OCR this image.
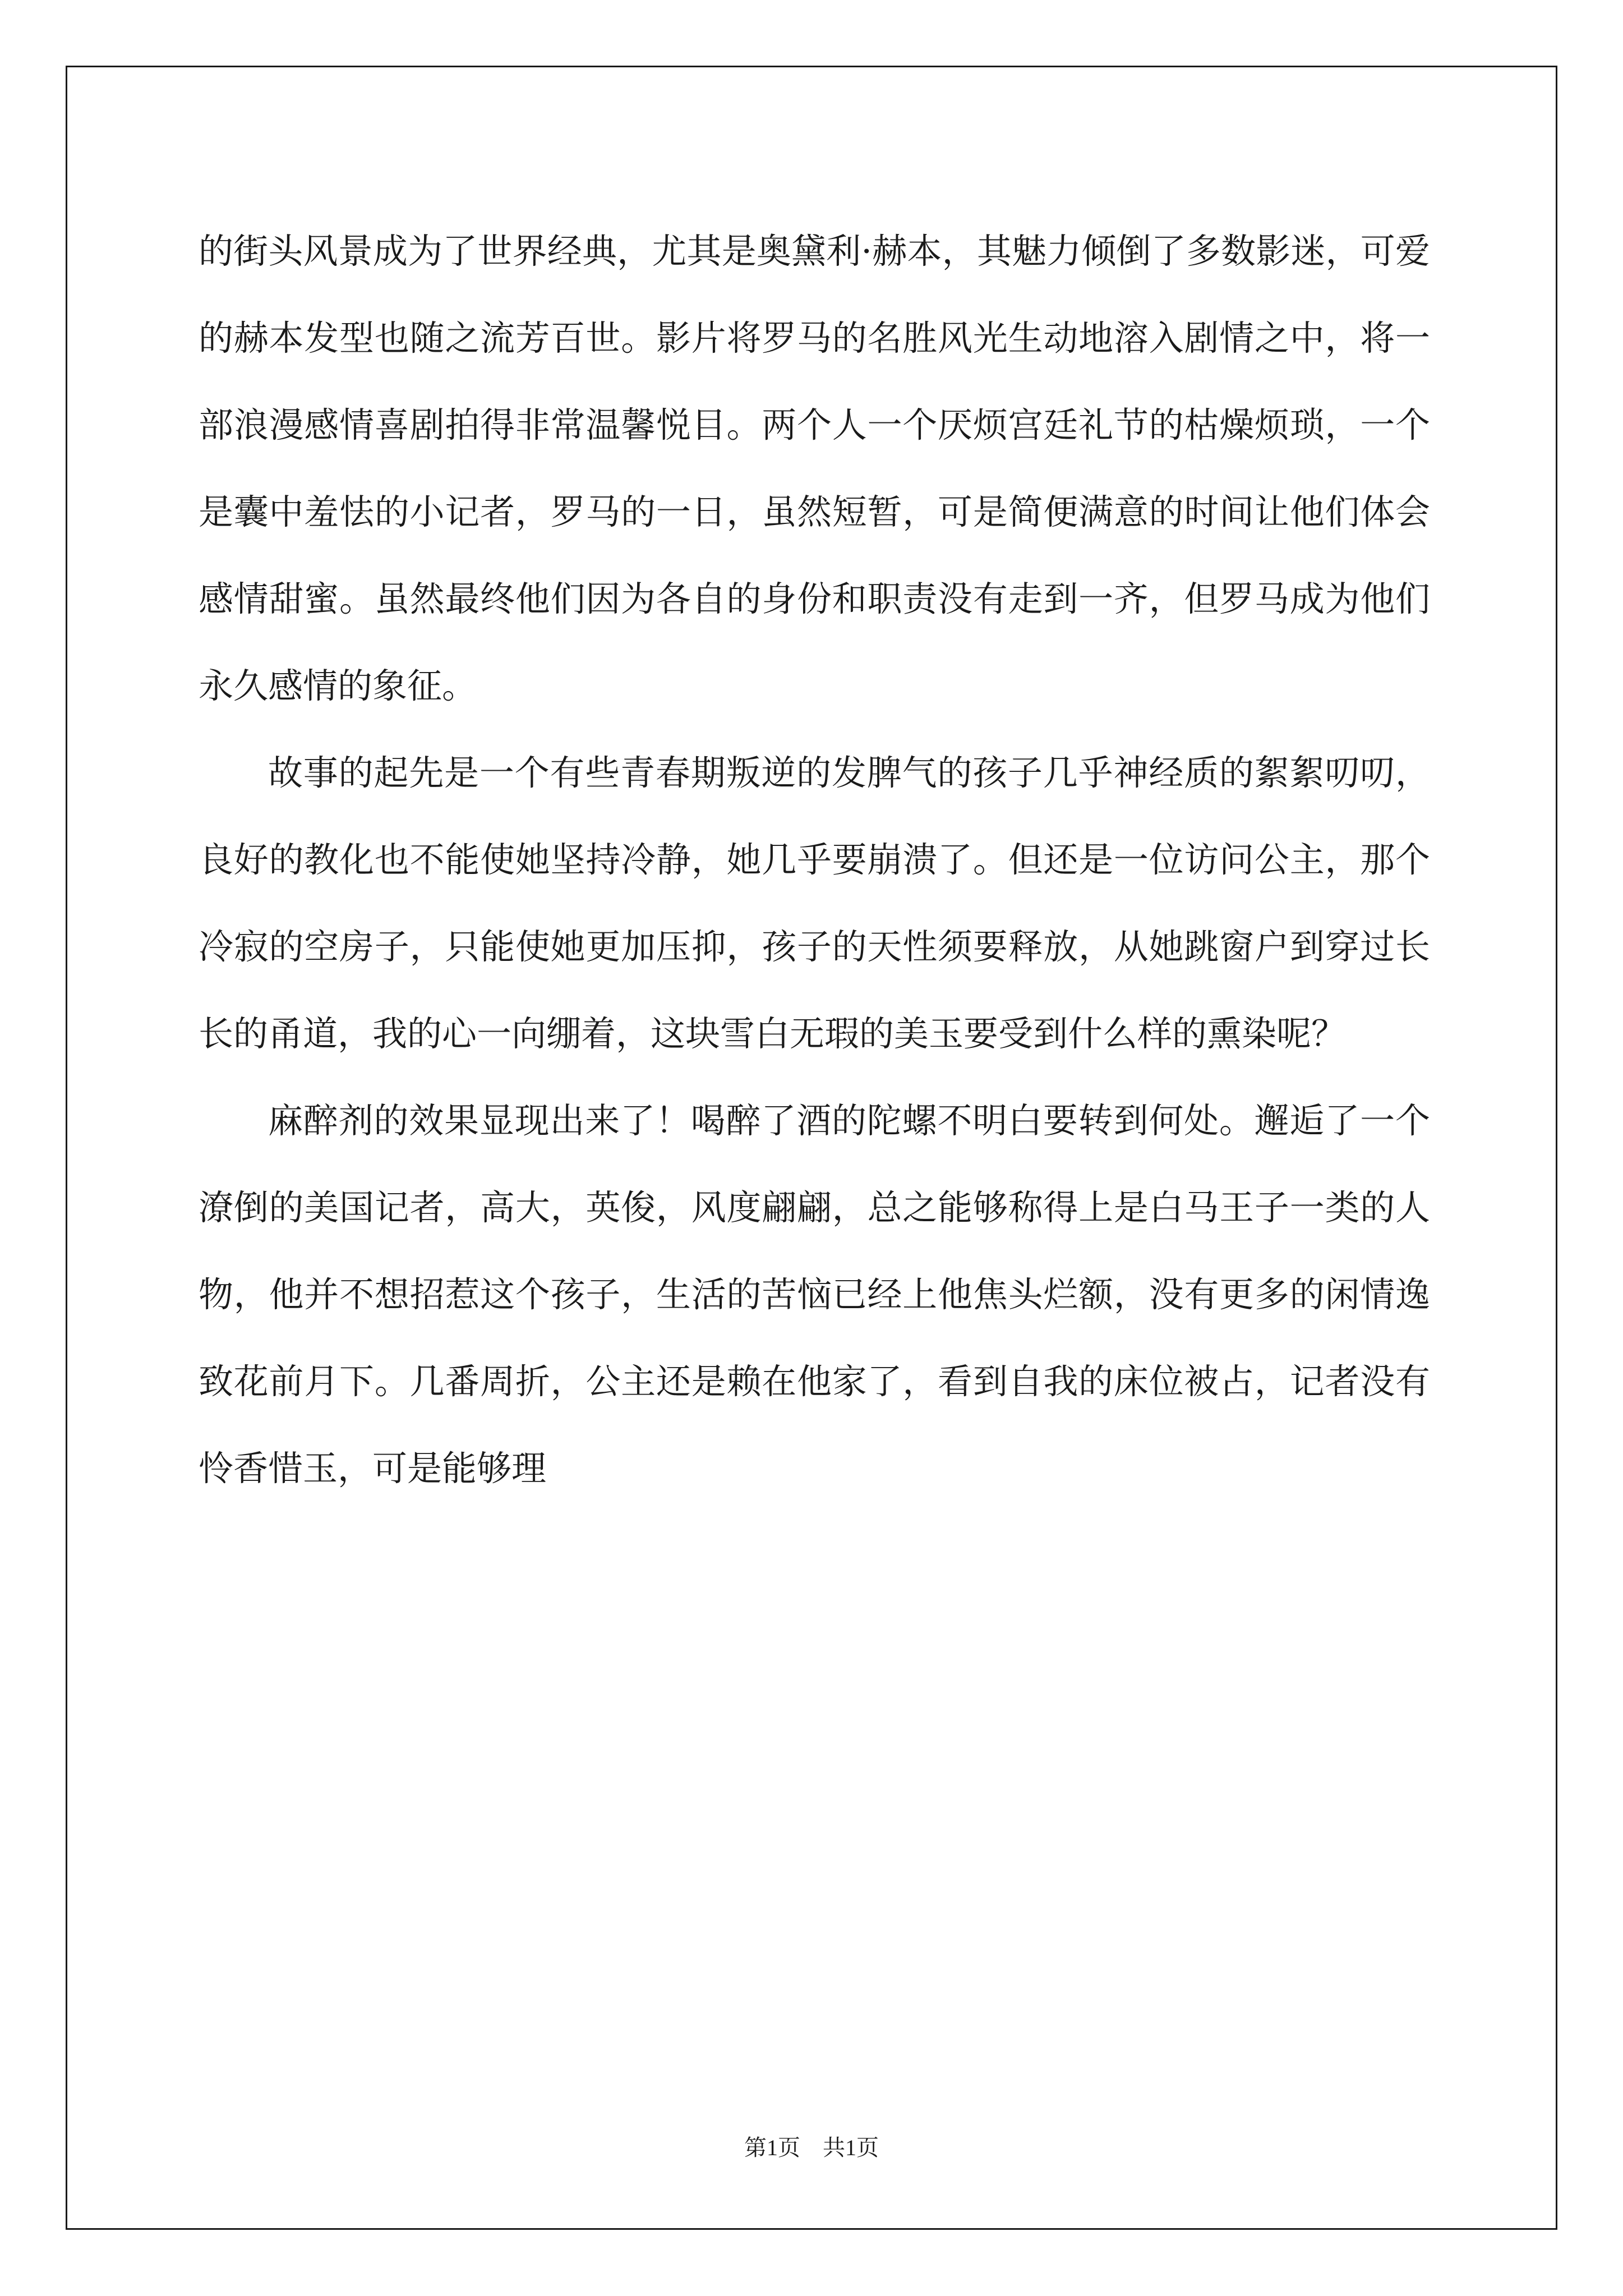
的街头风景成为了世界经典，尤其是奥黛利·赫本，其魅力倾倒了多数影迷，可爱的赫本发型也随之流芳百世。影片将罗马的名胜风光生动地溶入剧情之中，将一部浪漫感情喜剧拍得非常温馨悦目。两个人一个厌烦宫廷礼节的枯燥烦琐，一个是囊中羞怯的小记者，罗马的一日，虽然短暂，可是简便满意的时间让他们体会感情甜蜜。虽然最终他们因为各自的身份和职责没有走到一齐，但罗马成为他们永久感情的象征。

故事的起先是一个有些青春期叛逆的发脾气的孩子几乎神经质的絮絮叨叨，良好的教化也不能使她坚持冷静，她几乎要崩溃了。但还是一位访问公主，那个冷寂的空房子，只能使她更加压抑，孩子的天性须要释放，从她跳窗户到穿过长长的甬道，我的心一向绷着，这块雪白无瑕的美玉要受到什么样的熏染呢？

麻醉剂的效果显现出来了！喝醉了酒的陀螺不明白要转到何处。邂逅了一个潦倒的美国记者，高大，英俊，风度翩翩，总之能够称得上是白马王子一类的人物，他并不想招惹这个孩子，生活的苦恼已经上他焦头烂额，没有更多的闲情逸致花前月下。几番周折，公主还是赖在他家了，看到自我的床位被占，记者没有怜香惜玉，可是能够理

第1页　共1页
